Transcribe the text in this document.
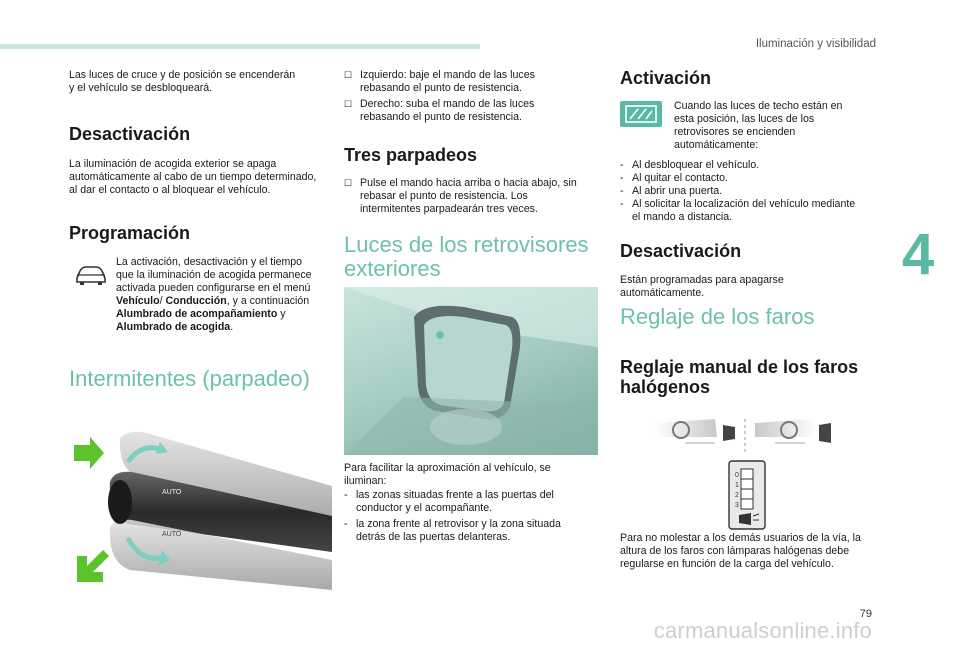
Iluminación y visibilidad
4

Las luces de cruce y de posición se encenderán y el vehículo se desbloqueará.

Desactivación

La iluminación de acogida exterior se apaga automáticamente al cabo de un tiempo determinado, al dar el contacto o al bloquear el vehículo.

Programación

La activación, desactivación y el tiempo que la iluminación de acogida permanece activada pueden configurarse en el menú Vehículo/ Conducción, y a continuación Alumbrado de acompañamiento y Alumbrado de acogida.

Intermitentes (parpadeo)
AUTO
AUTO
☐ Izquierdo: baje el mando de las luces rebasando el punto de resistencia.
☐ Derecho: suba el mando de las luces rebasando el punto de resistencia.
Tres parpadeos
☐ Pulse el mando hacia arriba o hacia abajo, sin rebasar el punto de resistencia. Los intermitentes parpadearán tres veces.
Luces de los retrovisores
exteriores

Para facilitar la aproximación al vehículo, se iluminan:

- las zonas situadas frente a las puertas del conductor y el acompañante.
- la zona frente al retrovisor y la zona situada detrás de las puertas delanteras.
Activación

Cuando las luces de techo están en esta posición, las luces de los retrovisores se encienden automáticamente:

- Al desbloquear el vehículo.
- Al quitar el contacto.
- Al abrir una puerta.
- Al solicitar la localización del vehículo mediante el mando a distancia.
Desactivación

Están programadas para apagarse automáticamente.

Reglaje de los faros
Reglaje manual de los faros
halógenos
0
1
2
3

Para no molestar a los demás usuarios de la vía, la altura de los faros con lámparas halógenas debe regularse en función de la carga del vehículo.

79
carmanualsonline.info
